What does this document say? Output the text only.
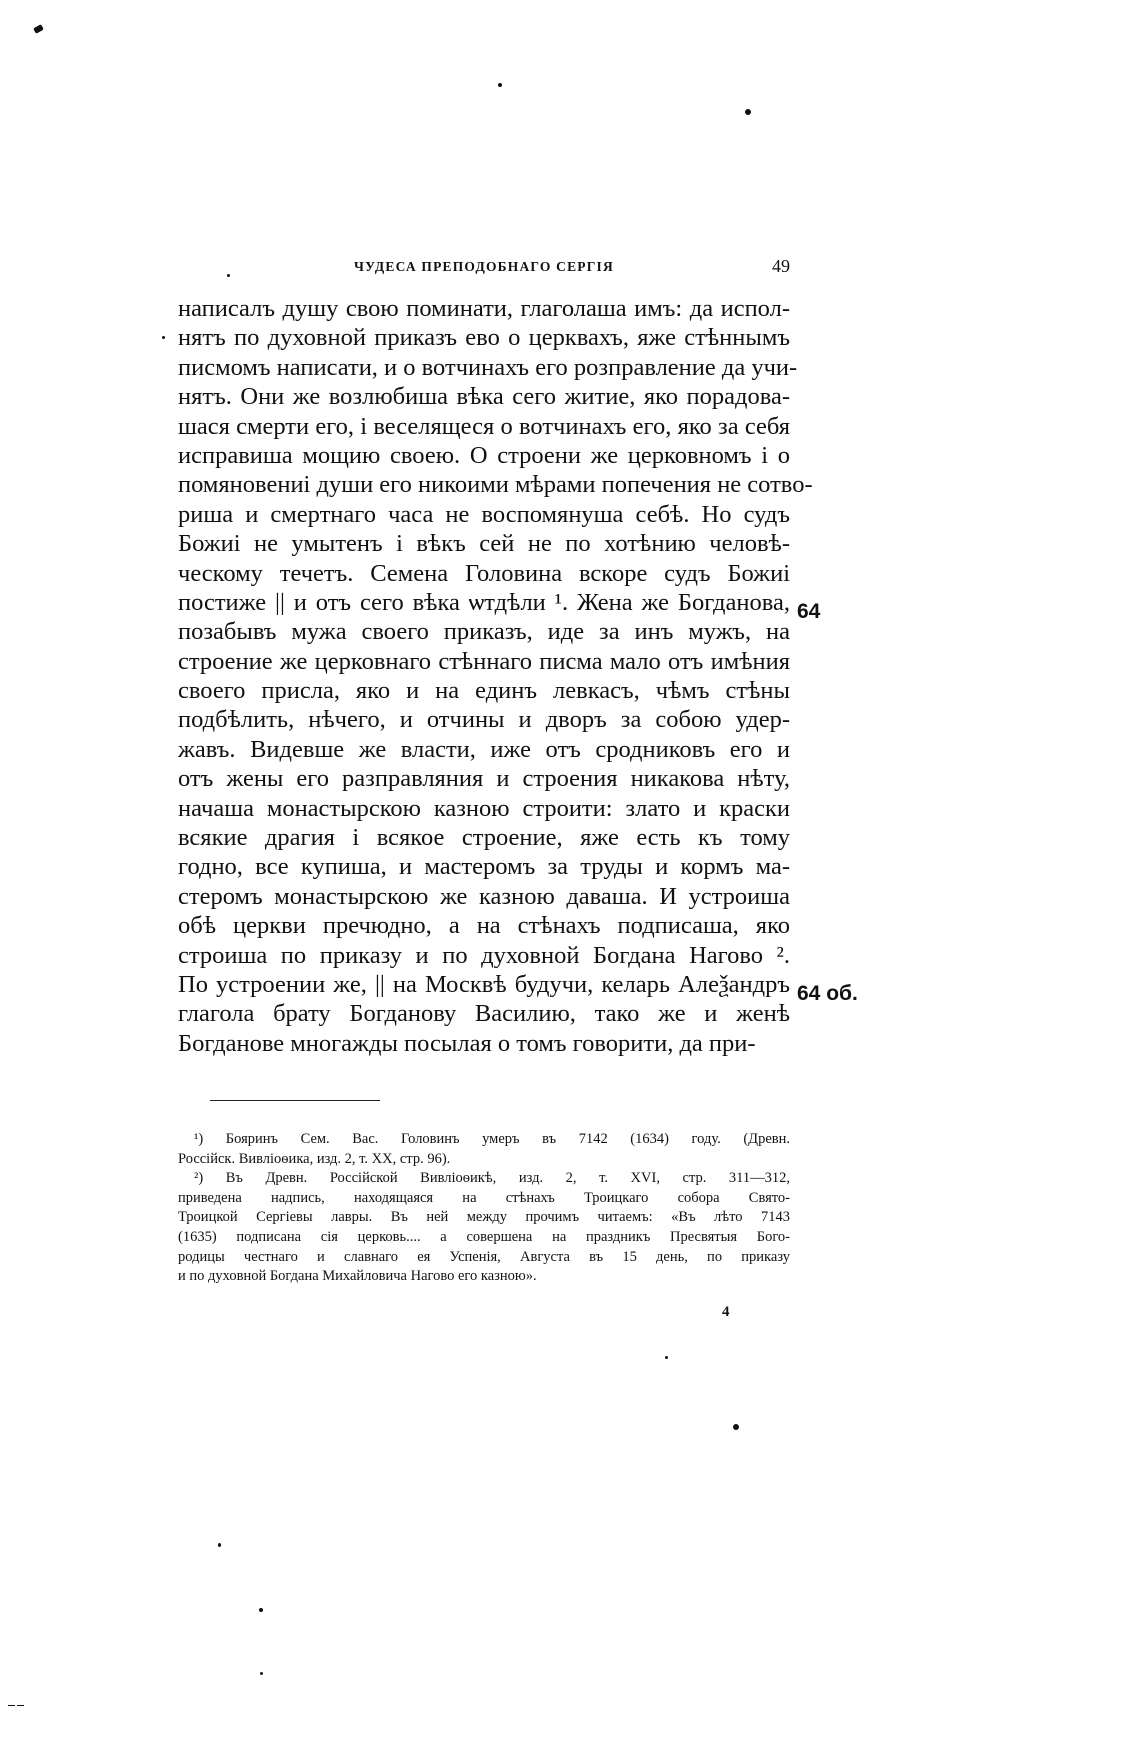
ЧУДЕСА ПРЕПОДОБНАГО СЕРГІЯ	49
написалъ душу свою поминати, глаголаша имъ: да испол-
нятъ по духовной приказъ ево о церквахъ, яже стѣннымъ
писмомъ написати, и о вотчинахъ его розправление да учи-
нятъ. Они же возлюбиша вѣка сего житие, яко порадова-
шася смерти его, і веселящеся о вотчинахъ его, яко за себя
исправиша мощию своею. О строени же церковномъ і о
помяновениі души его никоими мѣрами попечения не сотво-
риша и смертнаго часа не воспомянуша себѣ. Но судъ
Божиі не умытенъ і вѣкъ сей не по хотѣнию человѣ-
ческому течетъ. Семена Головина вскоре судъ Божиі
постиже || и отъ сего вѣка ѡтдѣли ¹. Жена же Богданова,
позабывъ мужа своего приказъ, иде за инъ мужъ, на
строение же церковнаго стѣннаго писма мало отъ имѣния
своего присла, яко и на единъ левкасъ, чѣмъ стѣны
подбѣлить, нѣчего, и отчины и дворъ за собою удер-
жавъ. Видевше же власти, иже отъ сродниковъ его и
отъ жены его разправляния и строения никакова нѣту,
начаша монастырскою казною строити: злато и краски
всякие драгия і всякое строение, яже есть къ тому
годно, все купиша, и мастеромъ за труды и кормъ ма-
стеромъ монастырскою же казною даваша. И устроиша
обѣ церкви пречюдно, а на стѣнахъ подписаша, яко
строиша по приказу и по духовной Богдана Нагово ².
По устроении же, || на Москвѣ будучи, келарь Алеѯандръ
глагола брату Богданову Василию, тако же и женѣ
Богданове многажды посылая о томъ говорити, да при-
64
64 об.
¹) Бояринъ Сем. Вас. Головинъ умеръ въ 7142 (1634) году. (Древн.
Россійск. Вивліоѳика, изд. 2, т. XX, стр. 96).
²) Въ Древн. Россійской Вивліоѳикѣ, изд. 2, т. XVI, стр. 311—312,
приведена надпись, находящаяся на стѣнахъ Троицкаго собора Свято-
Троицкой Сергіевы лавры. Въ ней между прочимъ читаемъ: «Въ лѣто 7143
(1635) подписана сія церковь.... а совершена на праздникъ Пресвятыя Бого-
родицы честнаго и славнаго ея Успенія, Августа въ 15 день, по приказу
и по духовной Богдана Михайловича Нагово его казною».
4
